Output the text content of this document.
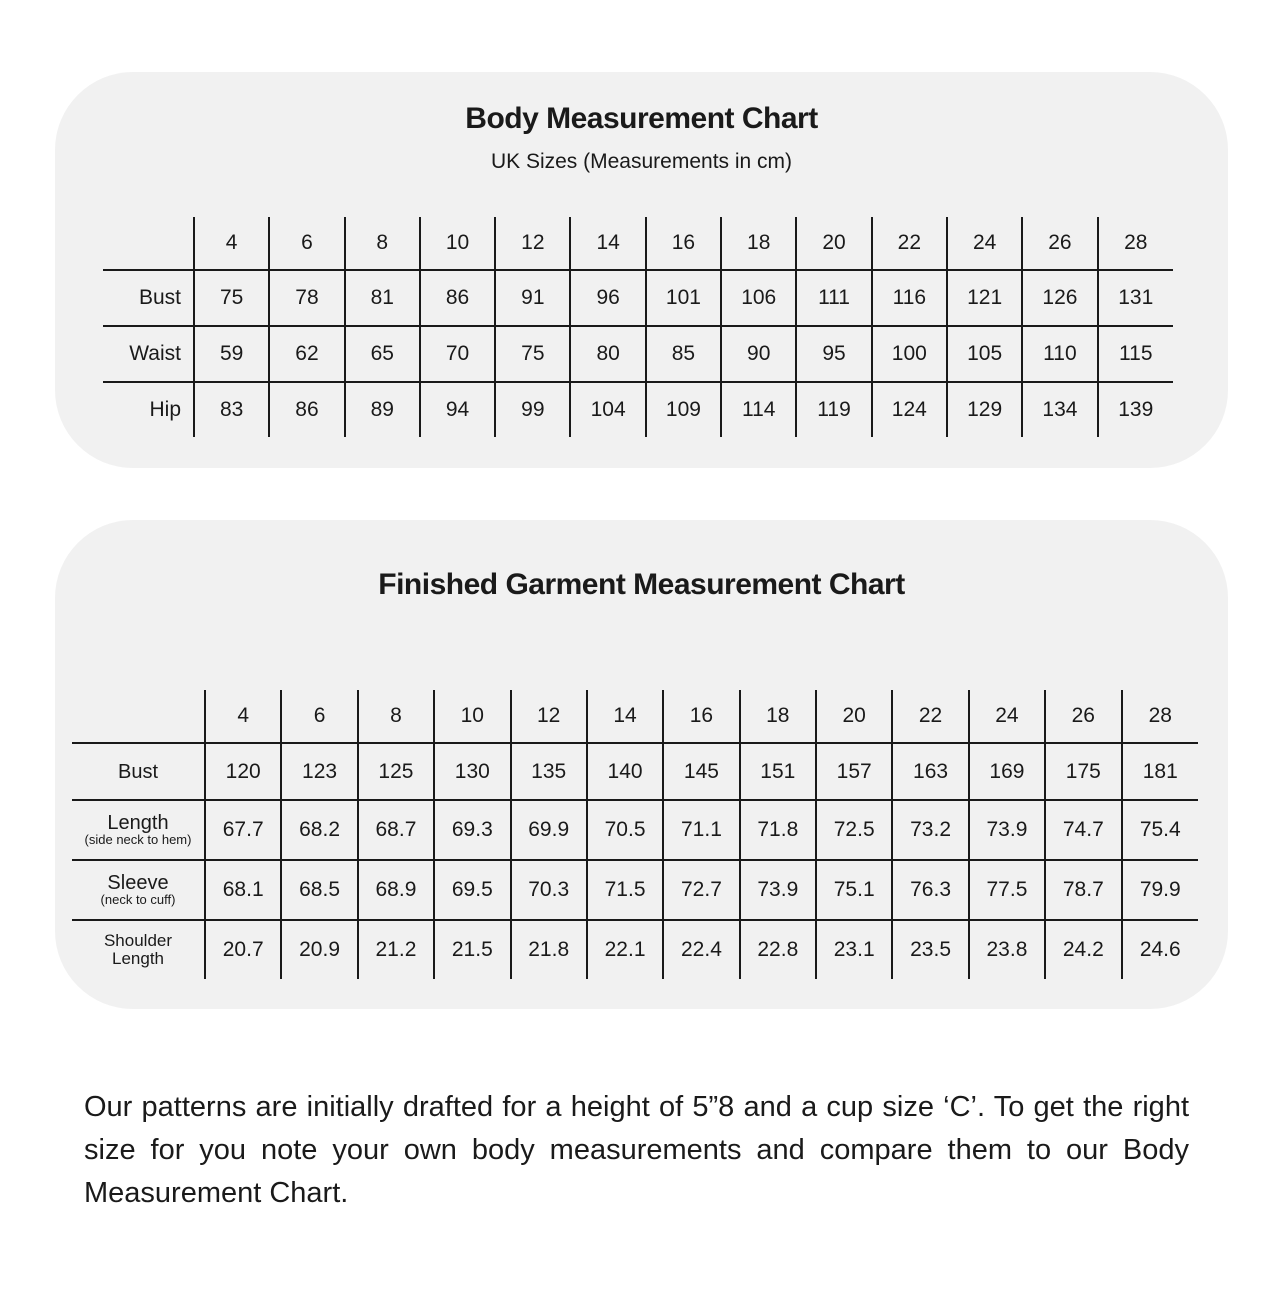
Body Measurement Chart
UK Sizes (Measurements in cm)
	4	6	8	10	12	14	16	18	20	22	24	26	28
Bust	75	78	81	86	91	96	101	106	111	116	121	126	131
Waist	59	62	65	70	75	80	85	90	95	100	105	110	115
Hip	83	86	89	94	99	104	109	114	119	124	129	134	139
Finished Garment Measurement Chart
	4	6	8	10	12	14	16	18	20	22	24	26	28

Bust	120	123	125	130	135	140	145	151	157	163	169	175	181

Length
(side neck to hem)	67.7	68.2	68.7	69.3	69.9	70.5	71.1	71.8	72.5	73.2	73.9	74.7	75.4

Sleeve
(neck to cuff)	68.1	68.5	68.9	69.5	70.3	71.5	72.7	73.9	75.1	76.3	77.5	78.7	79.9

Shoulder
Length	20.7	20.9	21.2	21.5	21.8	22.1	22.4	22.8	23.1	23.5	23.8	24.2	24.6
Our patterns are initially drafted for a height of 5”8 and a cup size ‘C’. To get the right size for you note your own body measurements and compare them to our Body Measurement Chart.
